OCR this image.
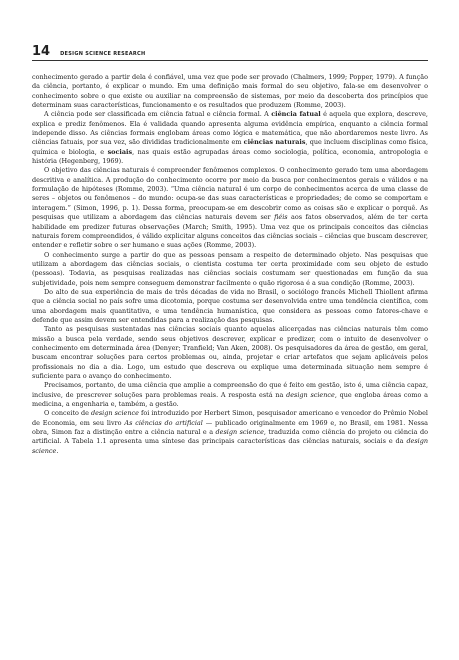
14 DESIGN SCIENCE RESEARCH

conhecimento gerado a partir dela é confiável, uma vez que pode ser provado (Chalmers, 1999; Popper, 1979). A função da ciência, portanto, é explicar o mundo. Em uma definição mais formal do seu objetivo, fala-se em desenvolver o conhecimento sobre o que existe ou auxiliar na compreensão de sistemas, por meio da descoberta dos princípios que determinam suas características, funcionamento e os resultados que produzem (Romme, 2003).

A ciência pode ser classificada em ciência fatual e ciência formal. A ciência fatual é aquela que explora, descreve, explica e prediz fenômenos. Ela é validada quando apresenta alguma evidência empírica, enquanto a ciência formal independe disso. As ciências formais englobam áreas como lógica e matemática, que não abordaremos neste livro. As ciências fatuais, por sua vez, são divididas tradicionalmente em ciências naturais, que incluem disciplinas como física, química e biologia, e sociais, nas quais estão agrupadas áreas como sociologia, política, economia, antropologia e história (Hegenberg, 1969).

O objetivo das ciências naturais é compreender fenômenos complexos. O conhecimento gerado tem uma abordagem descritiva e analítica. A produção do conhecimento ocorre por meio da busca por conhecimentos gerais e válidos e na formulação de hipóteses (Romme, 2003). “Uma ciência natural é um corpo de conhecimentos acerca de uma classe de seres – objetos ou fenômenos – do mundo: ocupa-se das suas características e propriedades; de como se comportam e interagem.” (Simon, 1996, p. 1). Dessa forma, preocupam-se em descobrir como as coisas são e explicar o porquê. As pesquisas que utilizam a abordagem das ciências naturais devem ser fiéis aos fatos observados, além de ter certa habilidade em predizer futuras observações (March; Smith, 1995). Uma vez que os principais conceitos das ciências naturais forem compreendidos, é válido explicitar alguns conceitos das ciências sociais – ciências que buscam descrever, entender e refletir sobre o ser humano e suas ações (Romme, 2003).

O conhecimento surge a partir do que as pessoas pensam a respeito de determinado objeto. Nas pesquisas que utilizam a abordagem das ciências sociais, o cientista costuma ter certa proximidade com seu objeto de estudo (pessoas). Todavia, as pesquisas realizadas nas ciências sociais costumam ser questionadas em função da sua subjetividade, pois nem sempre conseguem demonstrar facilmente o quão rigorosa é a sua condição (Romme, 2003).

Do alto de sua experiência de mais de três décadas de vida no Brasil, o sociólogo francês Michell Thiollent afirma que a ciência social no país sofre uma dicotomia, porque costuma ser desenvolvida entre uma tendência científica, com uma abordagem mais quantitativa, e uma tendência humanística, que considera as pessoas como fatores-chave e defende que assim devem ser entendidas para a realização das pesquisas.

Tanto as pesquisas sustentadas nas ciências sociais quanto aquelas alicerçadas nas ciências naturais têm como missão a busca pela verdade, sendo seus objetivos descrever, explicar e predizer, com o intuito de desenvolver o conhecimento em determinada área (Denyer; Tranfield; Van Aken, 2008). Os pesquisadores da área de gestão, em geral, buscam encontrar soluções para certos problemas ou, ainda, projetar e criar artefatos que sejam aplicáveis pelos profissionais no dia a dia. Logo, um estudo que descreva ou explique uma determinada situação nem sempre é suficiente para o avanço do conhecimento.

Precisamos, portanto, de uma ciência que amplie a compreensão do que é feito em gestão, isto é, uma ciência capaz, inclusive, de prescrever soluções para problemas reais. A resposta está na design science, que engloba áreas como a medicina, a engenharia e, também, a gestão.

O conceito de design science foi introduzido por Herbert Simon, pesquisador americano e vencedor do Prêmio Nobel de Economia, em seu livro As ciências do artificial — publicado originalmente em 1969 e, no Brasil, em 1981. Nessa obra, Simon faz a distinção entre a ciência natural e a design science, traduzida como ciência do projeto ou ciência do artificial. A Tabela 1.1 apresenta uma síntese das principais características das ciências naturais, sociais e da design science.
